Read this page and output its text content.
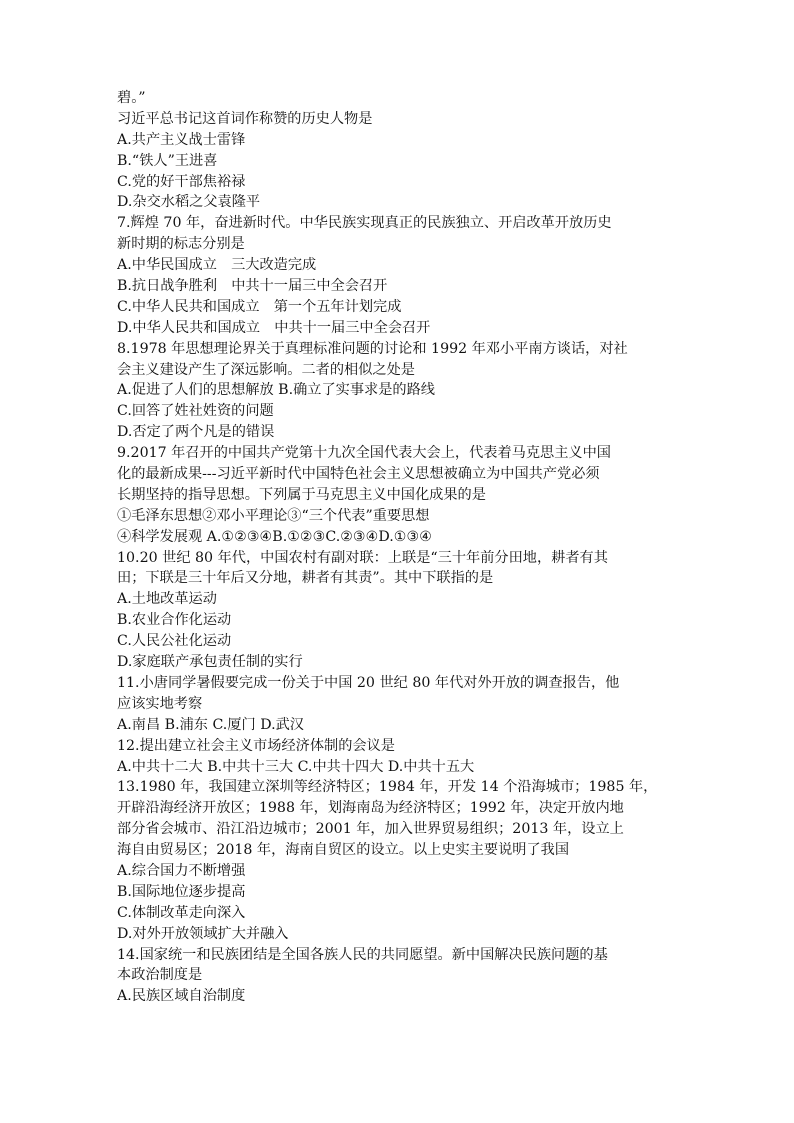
碧。”
习近平总书记这首词作称赞的历史人物是
A.共产主义战士雷锋
B.“铁人”王进喜
C.党的好干部焦裕禄
D.杂交水稻之父袁隆平
7.辉煌 70 年，奋进新时代。中华民族实现真正的民族独立、开启改革开放历史
新时期的标志分别是
A.中华民国成立　三大改造完成
B.抗日战争胜利　中共十一届三中全会召开
C.中华人民共和国成立　第一个五年计划完成
D.中华人民共和国成立　中共十一届三中全会召开
8.1978 年思想理论界关于真理标准问题的讨论和 1992 年邓小平南方谈话，对社
会主义建设产生了深远影响。二者的相似之处是
A.促进了人们的思想解放 B.确立了实事求是的路线
C.回答了姓社姓资的问题
D.否定了两个凡是的错误
9.2017 年召开的中国共产党第十九次全国代表大会上，代表着马克思主义中国
化的最新成果---习近平新时代中国特色社会主义思想被确立为中国共产党必须
长期坚持的指导思想。下列属于马克思主义中国化成果的是
①毛泽东思想②邓小平理论③“三个代表”重要思想
④科学发展观 A.①②③④B.①②③C.②③④D.①③④
10.20 世纪 80 年代，中国农村有副对联：上联是“三十年前分田地，耕者有其
田；下联是三十年后又分地，耕者有其责”。其中下联指的是
A.土地改革运动
B.农业合作化运动
C.人民公社化运动
D.家庭联产承包责任制的实行
11.小唐同学暑假要完成一份关于中国 20 世纪 80 年代对外开放的调查报告，他
应该实地考察
A.南昌 B.浦东 C.厦门 D.武汉
12.提出建立社会主义市场经济体制的会议是
A.中共十二大 B.中共十三大 C.中共十四大 D.中共十五大
13.1980 年，我国建立深圳等经济特区；1984 年，开发 14 个沿海城市；1985 年，
开辟沿海经济开放区；1988 年，划海南岛为经济特区；1992 年，决定开放内地
部分省会城市、沿江沿边城市；2001 年，加入世界贸易组织；2013 年，设立上
海自由贸易区；2018 年，海南自贸区的设立。以上史实主要说明了我国
A.综合国力不断增强
B.国际地位逐步提高
C.体制改革走向深入
D.对外开放领域扩大并融入
14.国家统一和民族团结是全国各族人民的共同愿望。新中国解决民族问题的基
本政治制度是
A.民族区域自治制度
